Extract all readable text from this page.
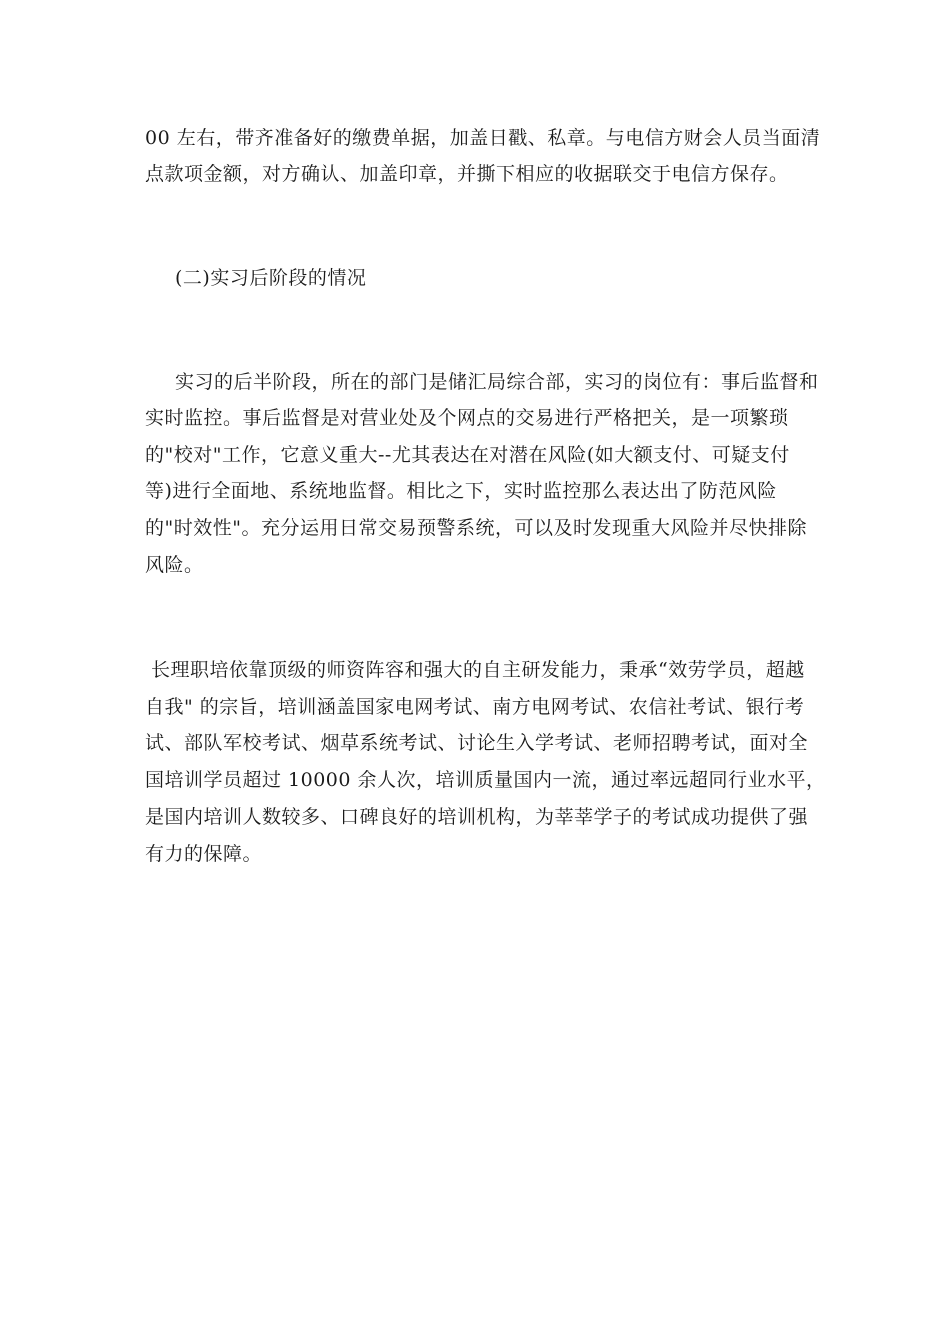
00 左右，带齐准备好的缴费单据，加盖日戳、私章。与电信方财会人员当面清
点款项金额，对方确认、加盖印章，并撕下相应的收据联交于电信方保存。
(二)实习后阶段的情况
实习的后半阶段，所在的部门是储汇局综合部，实习的岗位有：事后监督和
实时监控。事后监督是对营业处及个网点的交易进行严格把关，是一项繁琐
的"校对"工作，它意义重大--尤其表达在对潜在风险(如大额支付、可疑支付
等)进行全面地、系统地监督。相比之下，实时监控那么表达出了防范风险
的"时效性"。充分运用日常交易预警系统，可以及时发现重大风险并尽快排除
风险。
长理职培依靠顶级的师资阵容和强大的自主研发能力，秉承“效劳学员，超越
自我" 的宗旨，培训涵盖国家电网考试、南方电网考试、农信社考试、银行考
试、部队军校考试、烟草系统考试、讨论生入学考试、老师招聘考试，面对全
国培训学员超过 10000 余人次，培训质量国内一流，通过率远超同行业水平，
是国内培训人数较多、口碑良好的培训机构，为莘莘学子的考试成功提供了强
有力的保障。
